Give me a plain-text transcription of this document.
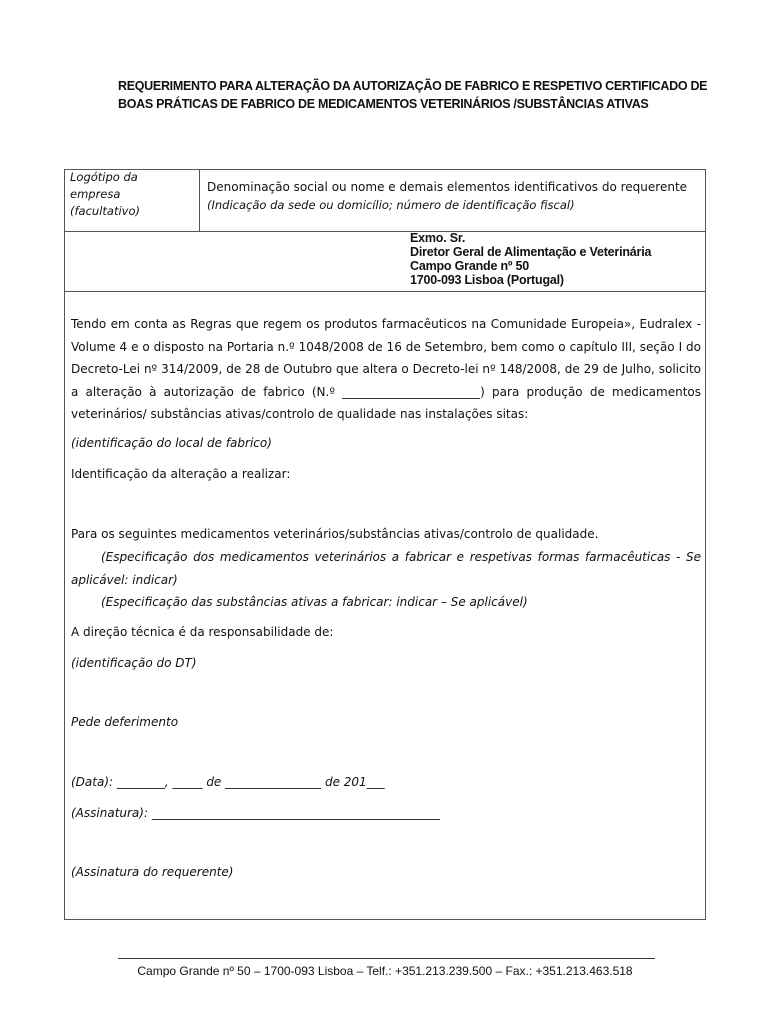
REQUERIMENTO PARA ALTERAÇÃO DA AUTORIZAÇÃO DE FABRICO E RESPETIVO CERTIFICADO DE
BOAS PRÁTICAS DE FABRICO DE MEDICAMENTOS VETERINÁRIOS /SUBSTÂNCIAS ATIVAS
Logótipo da
empresa
(facultativo)
Denominação social ou nome e demais elementos identificativos do requerente
(Indicação da sede ou domicílio; número de identificação fiscal)
Exmo. Sr.
Diretor Geral de Alimentação e Veterinária
Campo Grande nº 50
1700-093 Lisboa (Portugal)
Tendo em conta as Regras que regem os produtos farmacêuticos na Comunidade Europeia», Eudralex - Volume 4 e o disposto na Portaria n.º 1048/2008 de 16 de Setembro, bem como o capítulo III, seção I do Decreto-Lei nº 314/2009, de 28 de Outubro que altera o Decreto-lei nº 148/2008, de 29 de Julho, solicito a alteração à autorização de fabrico (N.º _______________________) para produção de medicamentos veterinários/ substâncias ativas/controlo de qualidade nas instalações sitas:
(identificação do local de fabrico)
Identificação da alteração a realizar:
Para os seguintes medicamentos veterinários/substâncias ativas/controlo de qualidade.
(Especificação dos medicamentos veterinários a fabricar e respetivas formas farmacêuticas - Se aplicável: indicar)
(Especificação das substâncias ativas a fabricar: indicar – Se aplicável)
A direção técnica é da responsabilidade de:
(identificação do DT)
Pede deferimento
(Data): ________, _____ de ________________ de 201___
(Assinatura): ________________________________________________
(Assinatura do requerente)
Campo Grande nº 50 – 1700-093 Lisboa – Telf.: +351.213.239.500 – Fax.: +351.213.463.518
